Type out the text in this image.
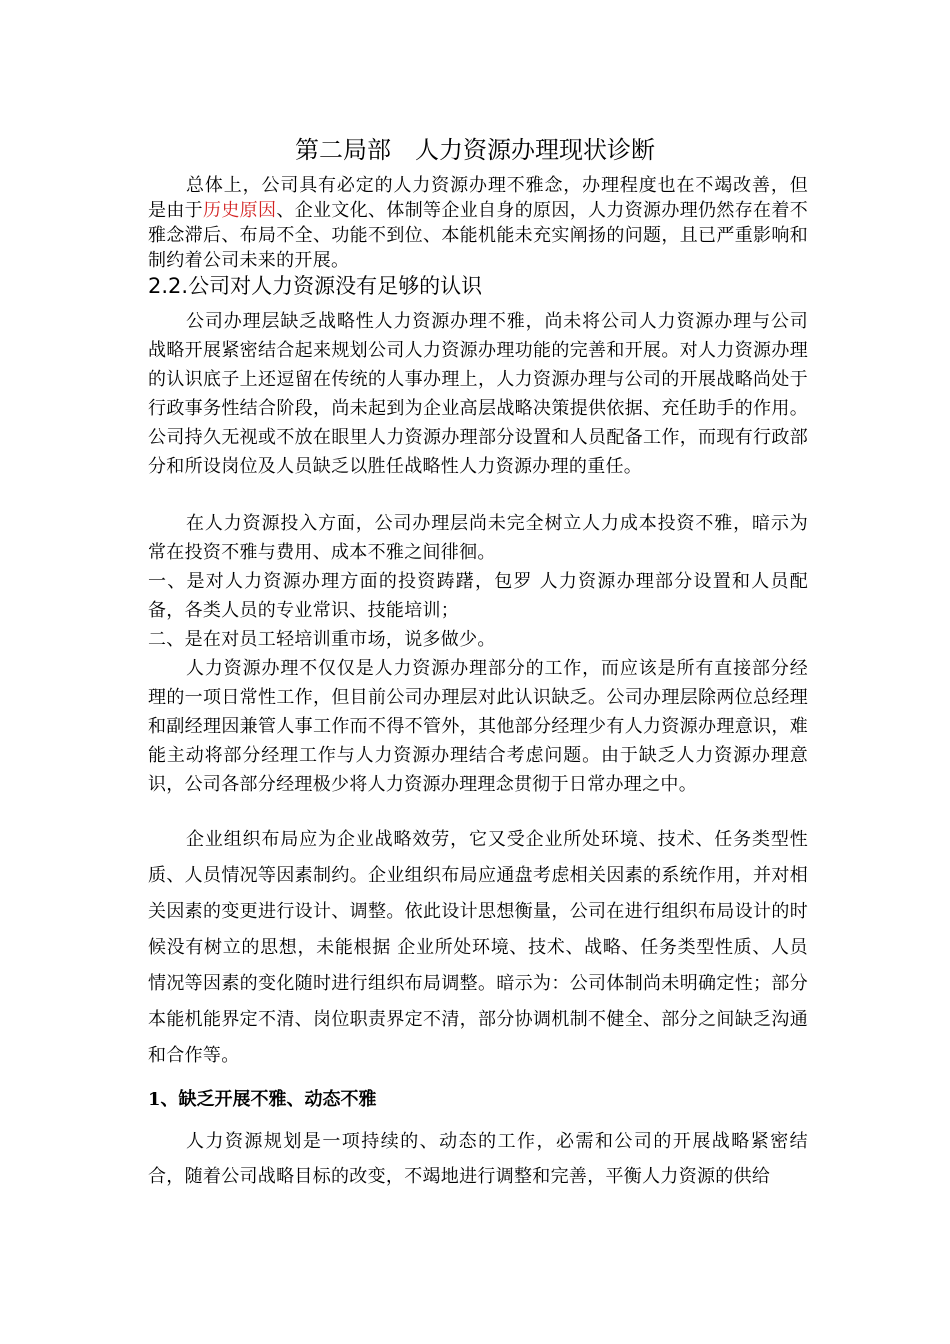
第二局部　人力资源办理现状诊断
总体上，公司具有必定的人力资源办理不雅念，办理程度也在不竭改善，但是由于历史原因、企业文化、体制等企业自身的原因，人力资源办理仍然存在着不雅念滞后、布局不全、功能不到位、本能机能未充实阐扬的问题，且已严重影响和制约着公司未来的开展。
2.2.公司对人力资源没有足够的认识
公司办理层缺乏战略性人力资源办理不雅，尚未将公司人力资源办理与公司战略开展紧密结合起来规划公司人力资源办理功能的完善和开展。对人力资源办理的认识底子上还逗留在传统的人事办理上，人力资源办理与公司的开展战略尚处于行政事务性结合阶段，尚未起到为企业高层战略决策提供依据、充任助手的作用。公司持久无视或不放在眼里人力资源办理部分设置和人员配备工作，而现有行政部分和所设岗位及人员缺乏以胜任战略性人力资源办理的重任。
在人力资源投入方面，公司办理层尚未完全树立人力成本投资不雅，暗示为常在投资不雅与费用、成本不雅之间徘徊。
一、是对人力资源办理方面的投资踌躇，包罗 人力资源办理部分设置和人员配备，各类人员的专业常识、技能培训；
二、是在对员工轻培训重市场，说多做少。
人力资源办理不仅仅是人力资源办理部分的工作，而应该是所有直接部分经理的一项日常性工作，但目前公司办理层对此认识缺乏。公司办理层除两位总经理和副经理因兼管人事工作而不得不管外，其他部分经理少有人力资源办理意识，难能主动将部分经理工作与人力资源办理结合考虑问题。由于缺乏人力资源办理意识，公司各部分经理极少将人力资源办理理念贯彻于日常办理之中。
企业组织布局应为企业战略效劳，它又受企业所处环境、技术、任务类型性质、人员情况等因素制约。企业组织布局应通盘考虑相关因素的系统作用，并对相关因素的变更进行设计、调整。依此设计思想衡量，公司在进行组织布局设计的时候没有树立的思想，未能根据 企业所处环境、技术、战略、任务类型性质、人员情况等因素的变化随时进行组织布局调整。暗示为：公司体制尚未明确定性；部分本能机能界定不清、岗位职责界定不清，部分协调机制不健全、部分之间缺乏沟通和合作等。
1、缺乏开展不雅、动态不雅
人力资源规划是一项持续的、动态的工作，必需和公司的开展战略紧密结合，随着公司战略目标的改变，不竭地进行调整和完善，平衡人力资源的供给
